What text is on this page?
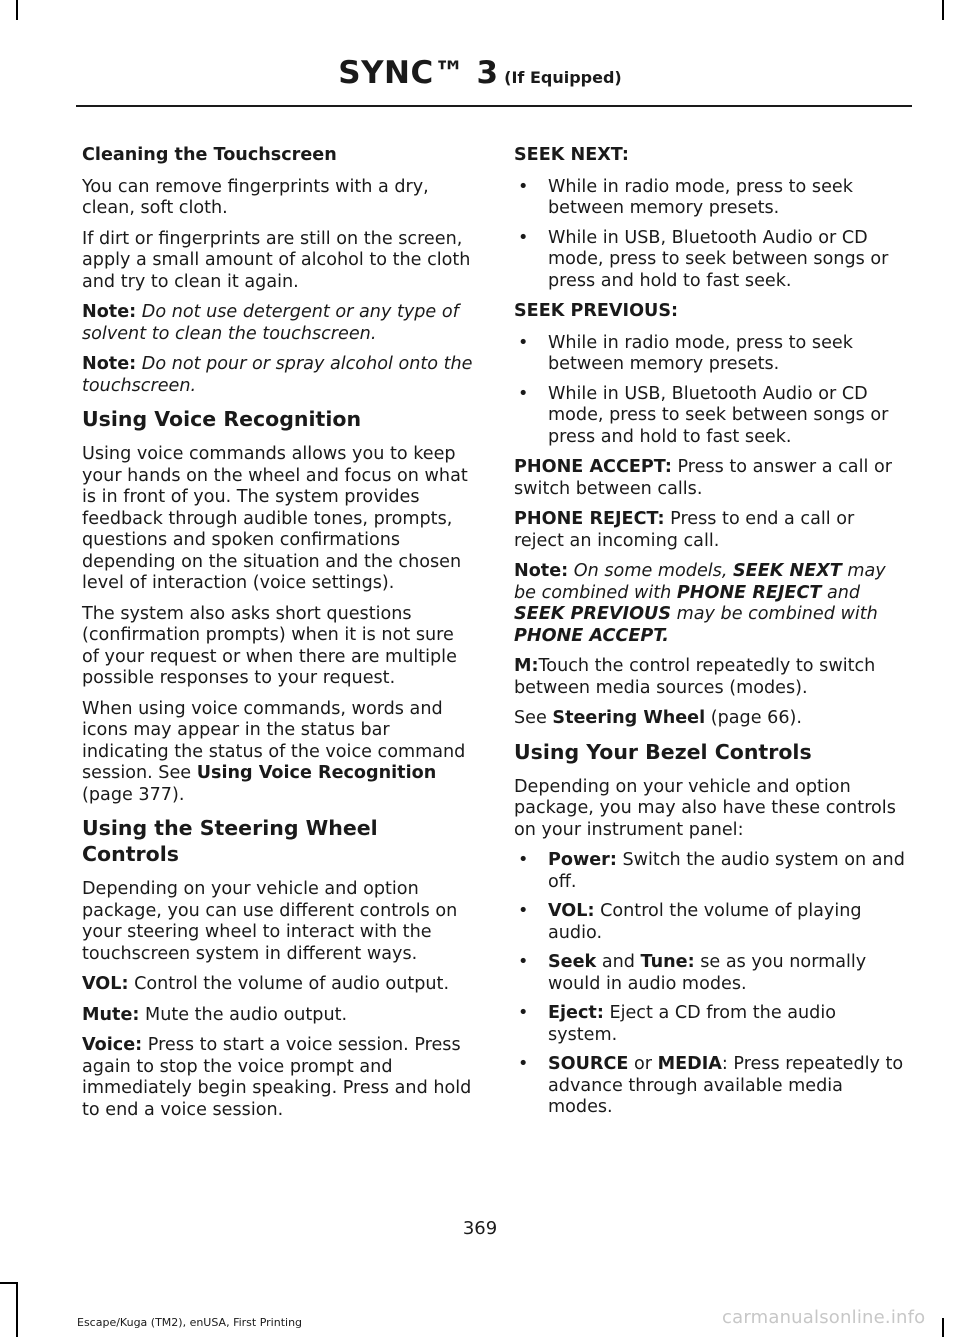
SYNC™ 3 (If Equipped)

Cleaning the Touchscreen

You can remove fingerprints with a dry, clean, soft cloth.

If dirt or fingerprints are still on the screen, apply a small amount of alcohol to the cloth and try to clean it again.

Note: Do not use detergent or any type of solvent to clean the touchscreen.

Note: Do not pour or spray alcohol onto the touchscreen.

Using Voice Recognition

Using voice commands allows you to keep your hands on the wheel and focus on what is in front of you. The system provides feedback through audible tones, prompts, questions and spoken confirmations depending on the situation and the chosen level of interaction (voice settings).

The system also asks short questions (confirmation prompts) when it is not sure of your request or when there are multiple possible responses to your request.

When using voice commands, words and icons may appear in the status bar indicating the status of the voice command session. See Using Voice Recognition (page 377).

Using the Steering Wheel Controls

Depending on your vehicle and option package, you can use different controls on your steering wheel to interact with the touchscreen system in different ways.

VOL: Control the volume of audio output.

Mute: Mute the audio output.

Voice: Press to start a voice session. Press again to stop the voice prompt and immediately begin speaking. Press and hold to end a voice session.

SEEK NEXT:

• While in radio mode, press to seek between memory presets.
• While in USB, Bluetooth Audio or CD mode, press to seek between songs or press and hold to fast seek.

SEEK PREVIOUS:

• While in radio mode, press to seek between memory presets.
• While in USB, Bluetooth Audio or CD mode, press to seek between songs or press and hold to fast seek.

PHONE ACCEPT: Press to answer a call or switch between calls.

PHONE REJECT: Press to end a call or reject an incoming call.

Note: On some models, SEEK NEXT may be combined with PHONE REJECT and SEEK PREVIOUS may be combined with PHONE ACCEPT.

M:Touch the control repeatedly to switch between media sources (modes).

See Steering Wheel (page 66).

Using Your Bezel Controls

Depending on your vehicle and option package, you may also have these controls on your instrument panel:

• Power: Switch the audio system on and off.
• VOL: Control the volume of playing audio.
• Seek and Tune: se as you normally would in audio modes.
• Eject: Eject a CD from the audio system.
• SOURCE or MEDIA: Press repeatedly to advance through available media modes.
369
Escape/Kuga (TM2), enUSA, First Printing	carmanualsonline.info
